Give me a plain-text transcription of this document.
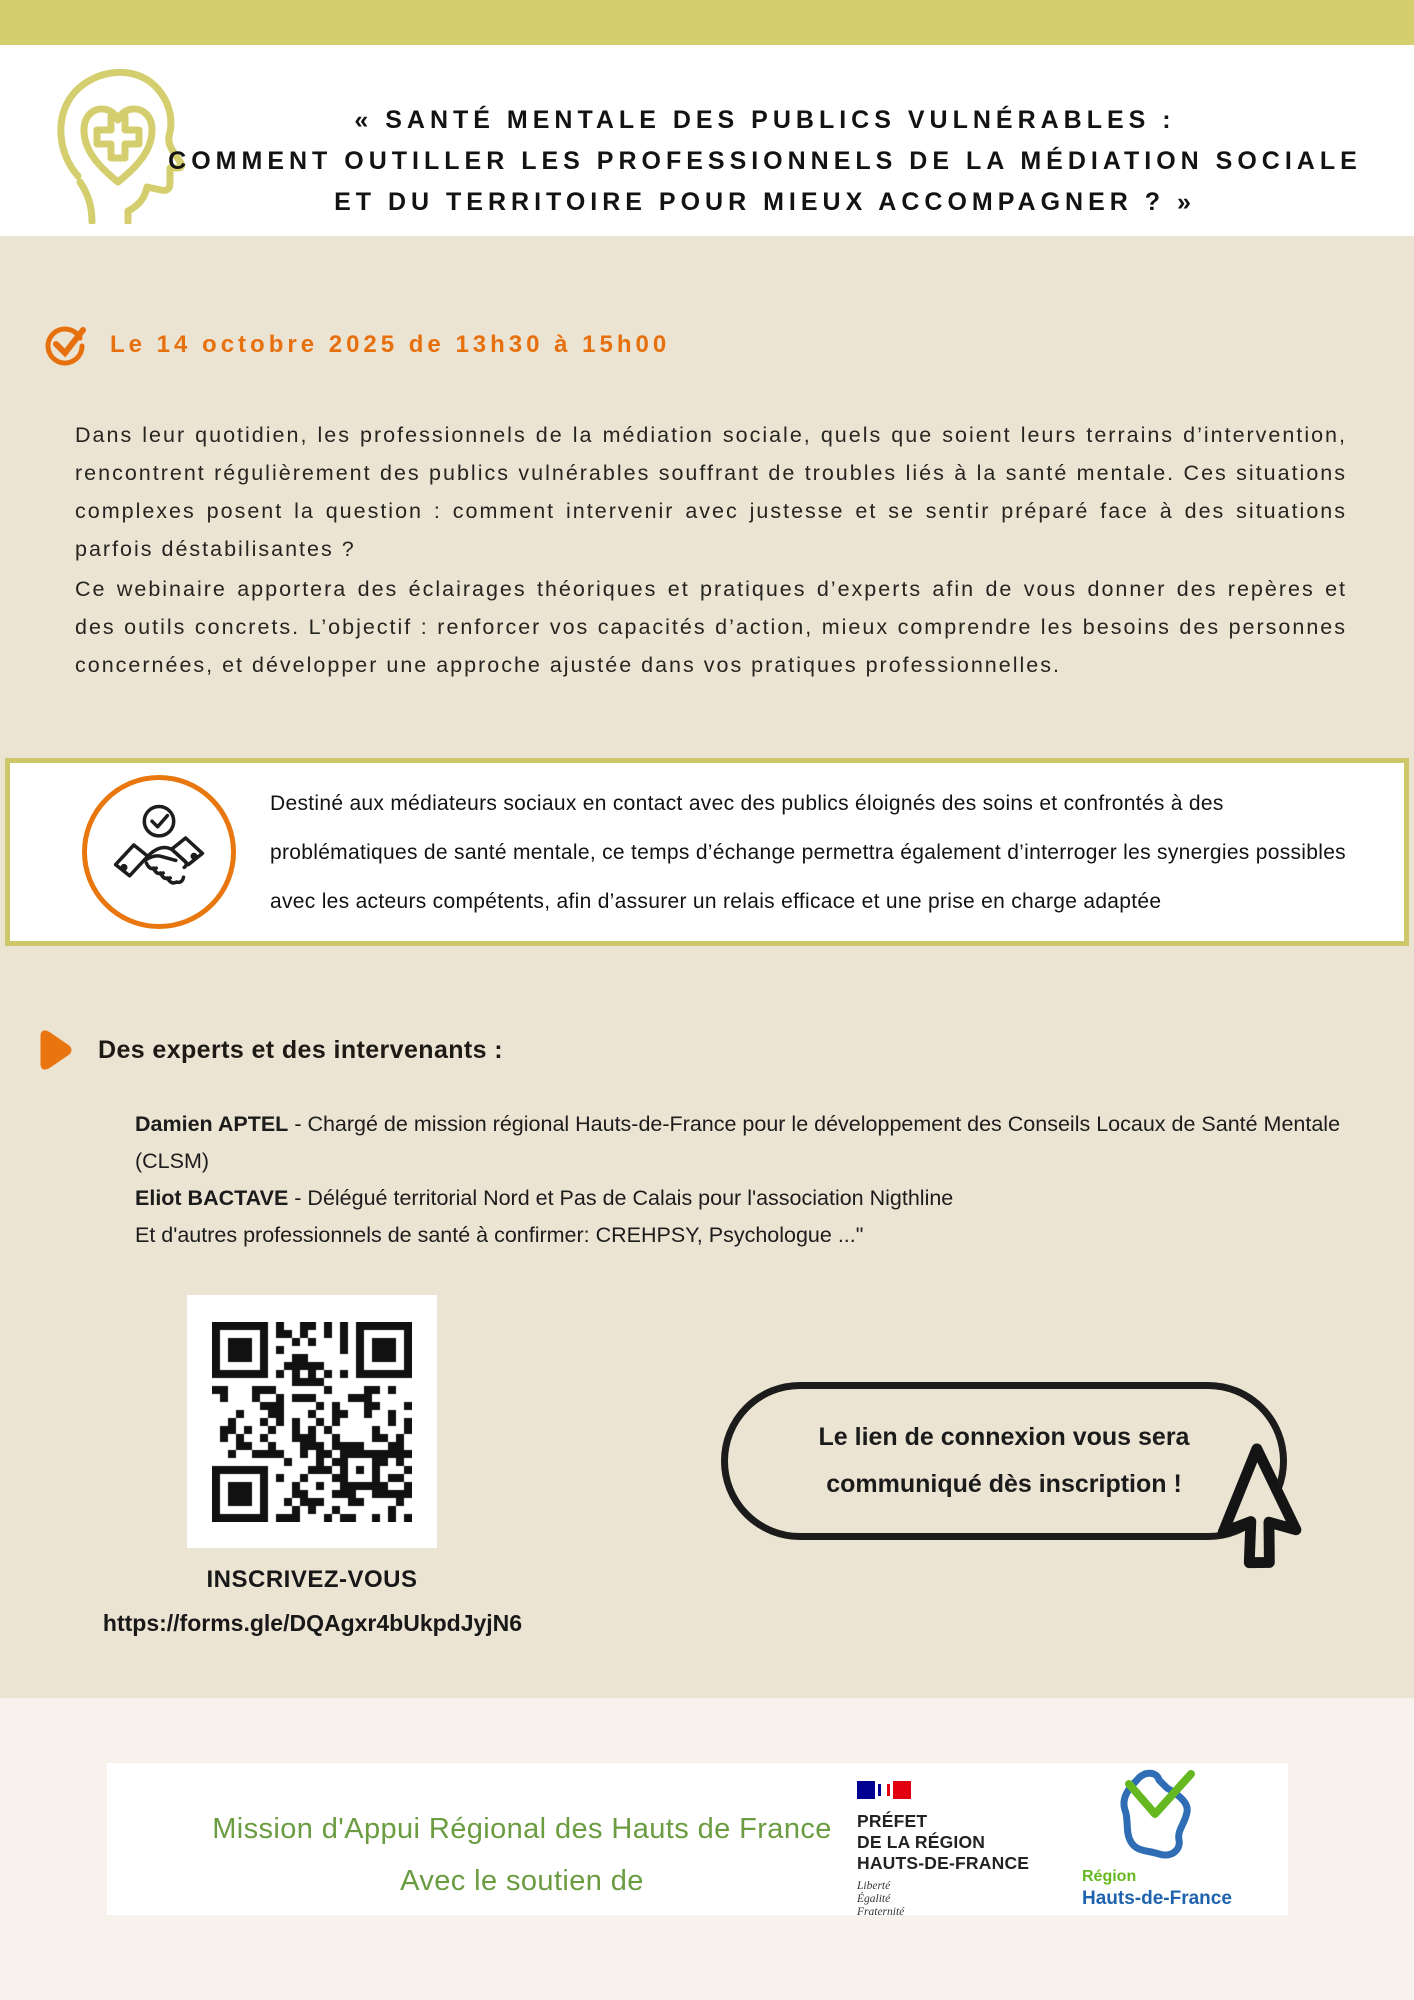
« SANTÉ MENTALE DES PUBLICS VULNÉRABLES :
COMMENT OUTILLER LES PROFESSIONNELS DE LA MÉDIATION SOCIALE
ET DU TERRITOIRE POUR MIEUX ACCOMPAGNER ? »
Le 14 octobre 2025 de 13h30 à 15h00

Dans leur quotidien, les professionnels de la médiation sociale, quels que soient leurs terrains d’intervention, rencontrent régulièrement des publics vulnérables souffrant de troubles liés à la santé mentale. Ces situations complexes posent la question : comment intervenir avec justesse et se sentir préparé face à des situations parfois déstabilisantes ?

Ce webinaire apportera des éclairages théoriques et pratiques d’experts afin de vous donner des repères et des outils concrets. L’objectif : renforcer vos capacités d’action, mieux comprendre les besoins des personnes concernées, et développer une approche ajustée dans vos pratiques professionnelles.

Destiné aux médiateurs sociaux en contact avec des publics éloignés des soins et confrontés à des problématiques de santé mentale, ce temps d’échange permettra également d’interroger les synergies possibles avec les acteurs compétents, afin d’assurer un relais efficace et une prise en charge adaptée
Des experts et des intervenants :

Damien APTEL - Chargé de mission régional Hauts-de-France pour le développement des Conseils Locaux de Santé Mentale (CLSM)

Eliot BACTAVE - Délégué territorial Nord et Pas de Calais pour l'association Nigthline

Et d'autres professionnels de santé à confirmer: CREHPSY, Psychologue ..."

INSCRIVEZ-VOUS
https://forms.gle/DQAgxr4bUkpdJyjN6
Le lien de connexion vous sera
communiqué dès inscription !
Mission d'Appui Régional des Hauts de France
Avec le soutien de
PRÉFET
DE LA RÉGION
HAUTS-DE-FRANCE
Liberté
Égalité
Fraternité
Région
Hauts-de-France
